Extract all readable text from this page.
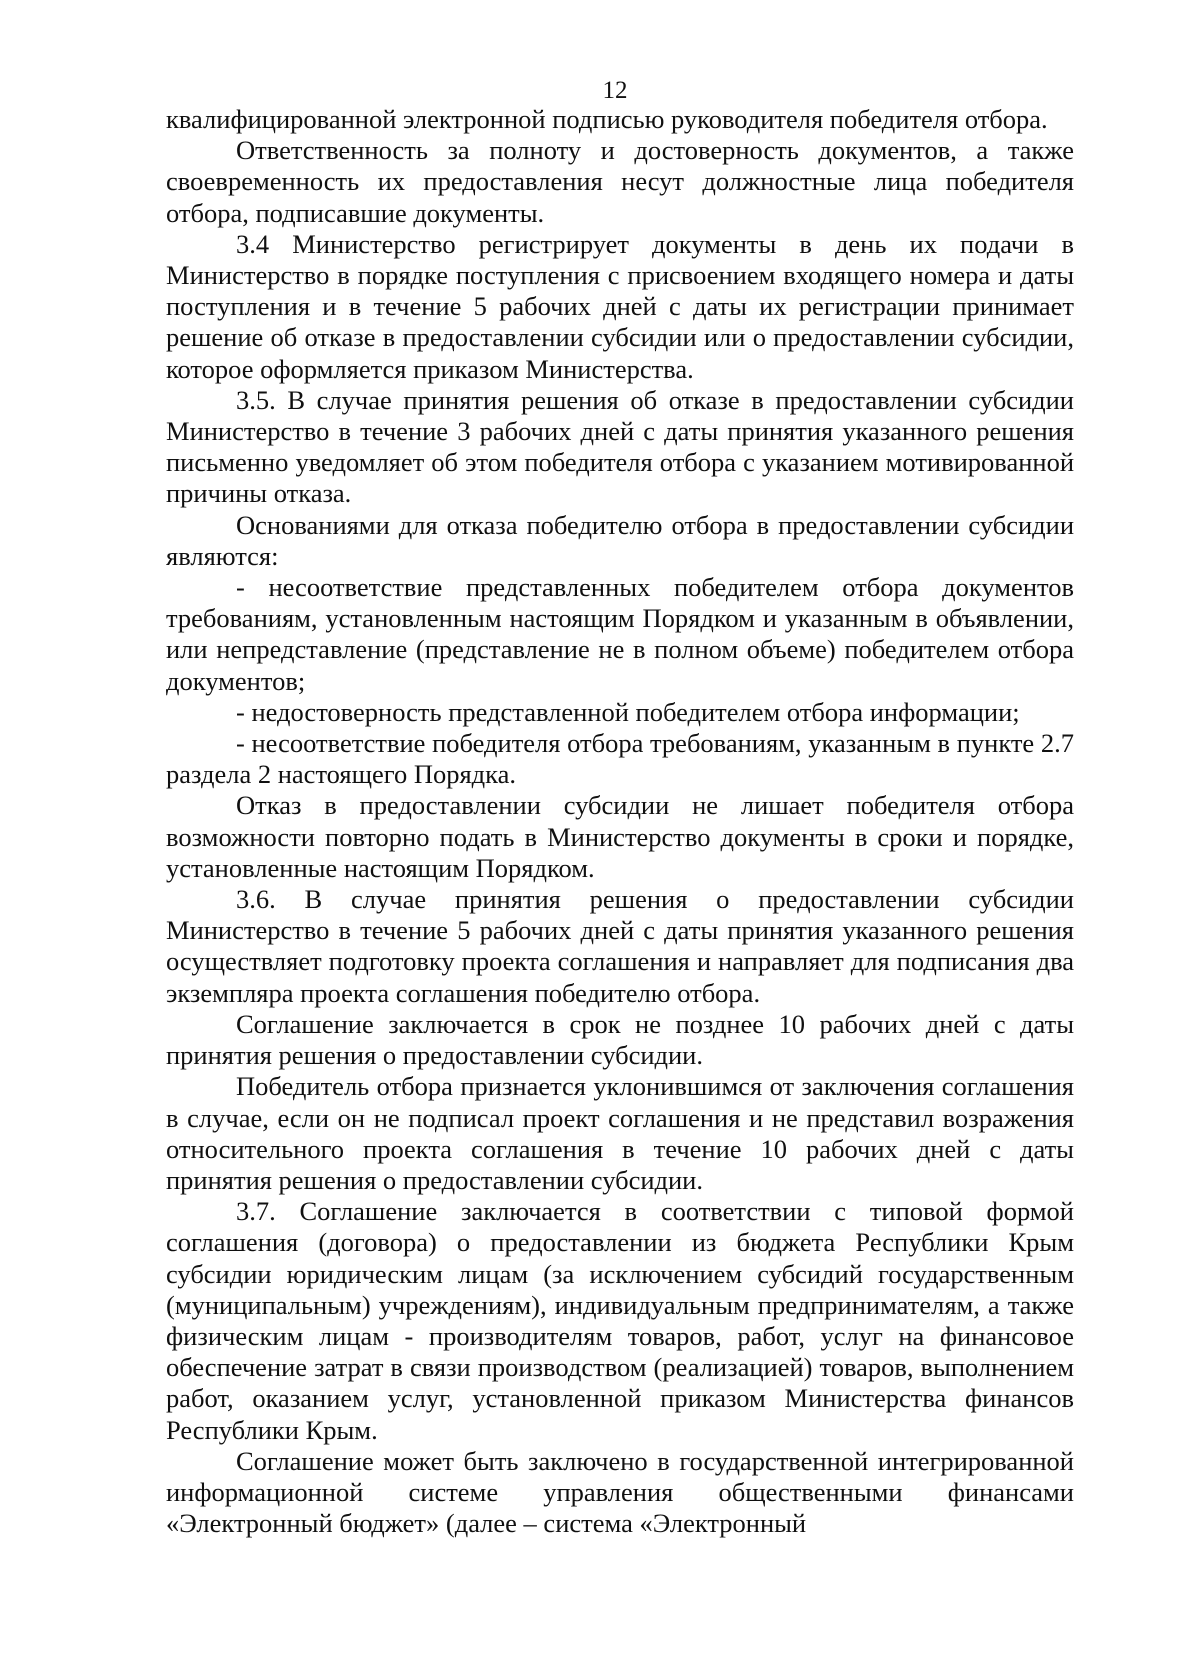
12

квалифицированной электронной подписью руководителя победителя отбора.

Ответственность за полноту и достоверность документов, а также своевременность их предоставления несут должностные лица победителя отбора, подписавшие документы.

3.4 Министерство регистрирует документы в день их подачи в Министерство в порядке поступления с присвоением входящего номера и даты поступления и в течение 5 рабочих дней с даты их регистрации принимает решение об отказе в предоставлении субсидии или о предоставлении субсидии, которое оформляется приказом Министерства.

3.5. В случае принятия решения об отказе в предоставлении субсидии Министерство в течение 3 рабочих дней с даты принятия указанного решения письменно уведомляет об этом победителя отбора с указанием мотивированной причины отказа.

Основаниями для отказа победителю отбора в предоставлении субсидии являются:

- несоответствие представленных победителем отбора документов требованиям, установленным настоящим Порядком и указанным в объявлении, или непредставление (представление не в полном объеме) победителем отбора документов;

- недостоверность представленной победителем отбора информации;

- несоответствие победителя отбора требованиям, указанным в пункте 2.7 раздела 2 настоящего Порядка.

Отказ в предоставлении субсидии не лишает победителя отбора возможности повторно подать в Министерство документы в сроки и порядке, установленные настоящим Порядком.

3.6. В случае принятия решения о предоставлении субсидии Министерство в течение 5 рабочих дней с даты принятия указанного решения осуществляет подготовку проекта соглашения и направляет для подписания два экземпляра проекта соглашения победителю отбора.

Соглашение заключается в срок не позднее 10 рабочих дней с даты принятия решения о предоставлении субсидии.

Победитель отбора признается уклонившимся от заключения соглашения в случае, если он не подписал проект соглашения и не представил возражения относительного проекта соглашения в течение 10 рабочих дней с даты принятия решения о предоставлении субсидии.

3.7. Соглашение заключается в соответствии с типовой формой соглашения (договора) о предоставлении из бюджета Республики Крым субсидии юридическим лицам (за исключением субсидий государственным (муниципальным) учреждениям), индивидуальным предпринимателям, а также физическим лицам - производителям товаров, работ, услуг на финансовое обеспечение затрат в связи производством (реализацией) товаров, выполнением работ, оказанием услуг, установленной приказом Министерства финансов Республики Крым.

Соглашение может быть заключено в государственной интегрированной информационной системе управления общественными финансами «Электронный бюджет» (далее – система «Электронный
